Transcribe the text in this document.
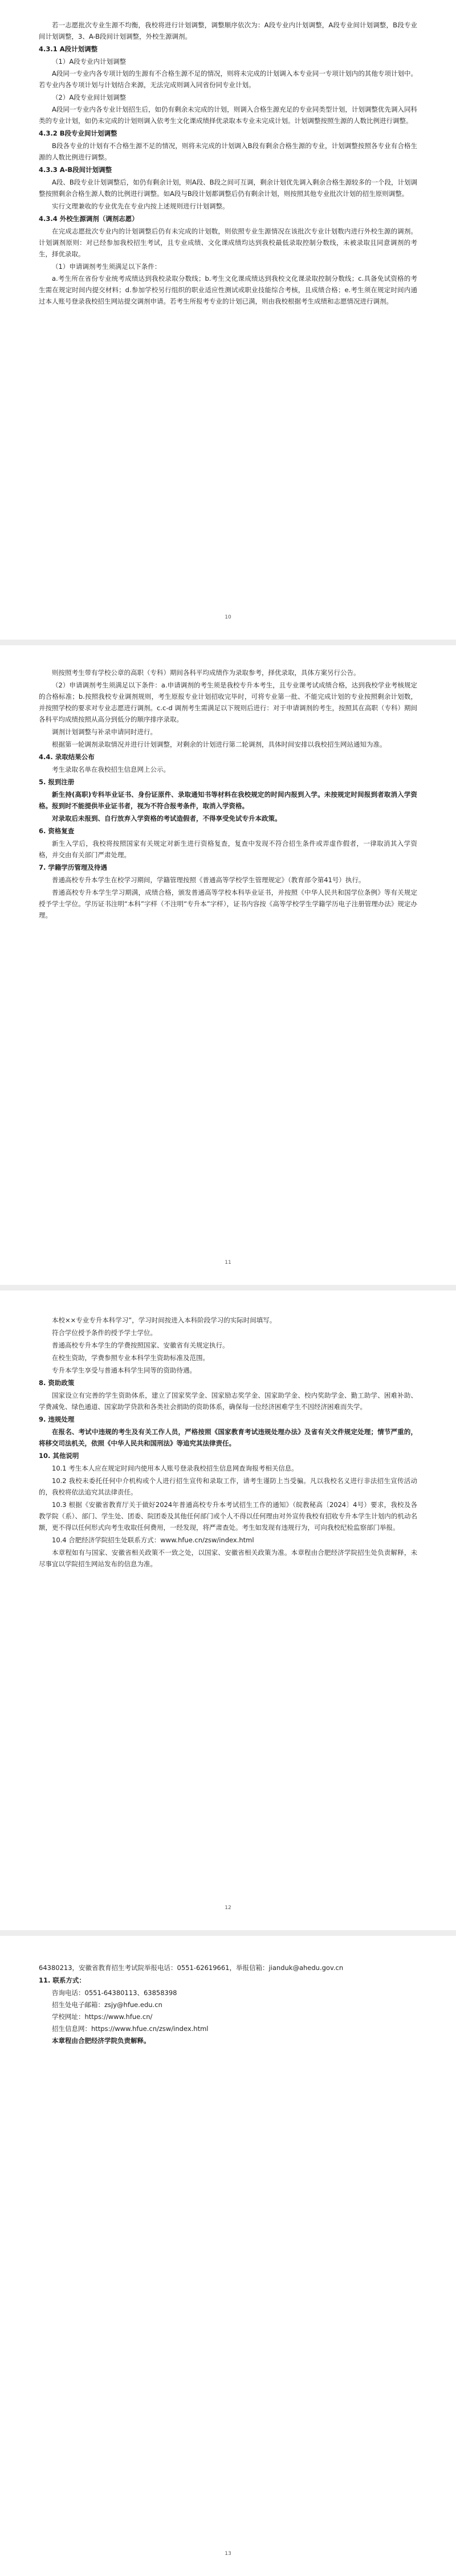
若一志愿批次专业生源不均衡，我校将进行计划调整，调整顺序依次为：A段专业内计划调整，A段专业间计划调整，B段专业间计划调整，3、A-B段间计划调整，外校生源调剂。

4.3.1 A段计划调整

（1）A段专业内计划调整

A段同一专业内各专项计划的生源有不合格生源不足的情况，则将未完成的计划调入本专业同一专项计划内的其他专项计划中。若专业内各专项计划与计划结合来源，无法完成则调入同省份同专业计划。

（2）A段专业间计划调整

A段同一专业内各专业计划招生后，如仍有剩余未完成的计划，则调入合格生源充足的专业同类型计划，计划调整优先调入同科类的专业计划，如仍未完成的计划则调入依考生文化课成绩择优录取本专业未完成计划。计划调整按照生源的人数比例进行调整。

4.3.2 B段专业间计划调整

B段各专业的计划有不合格生源不足的情况，则将未完成的计划调入B段有剩余合格生源的专业，计划调整按照各专业有合格生源的人数比例进行调整。

4.3.3 A-B段间计划调整

A段、B段专业计划调整后，如仍有剩余计划，则A段、B段之间可互调，剩余计划优先调入剩余合格生源较多的一个段，计划调整按照剩余合格生源人数的比例进行调整。如A段与B段计划都调整后仍有剩余计划，则按照其他专业批次计划的招生原则调整。

实行文理兼收的专业优先在专业内按上述规则进行计划调整。

4.3.4 外校生源调剂（调剂志愿）

在完成志愿批次专业内的计划调整后仍有未完成的计划数，则依照专业生源情况在该批次专业计划数内进行外校生源的调剂。计划调剂原则：对已经参加我校招生考试，且专业成绩、文化课成绩均达到我校最低录取控制分数线，未被录取且同意调剂的考生，择优录取。

（1）申请调剂考生须满足以下条件：

a.考生所在省份专业统考成绩达到我校录取分数线；b.考生文化课成绩达到我校文化课录取控制分数线；c.具备免试资格的考生需在规定时间内提交材料；d.参加学校另行组织的职业适应性测试或职业技能综合考核，且成绩合格；e.考生须在规定时间内通过本人账号登录我校招生网站提交调剂申请。若考生所报考专业的计划已满，则由我校根据考生成绩和志愿情况进行调剂。

10

则按照考生带有学校公章的高职（专科）期间各科平均成绩作为录取参考，择优录取，具体方案另行公告。

（2）申请调剂考生须满足以下条件：a.申请调剂的考生须是我校专升本考生，且专业课考试成绩合格，达到我校学业考核规定的合格标准；b.按照我校专业调剂规则，考生原报专业计划招收完毕时，可将专业第一批、不能完成计划的专业按照剩余计划数，并按照学校的要求对专业志愿进行调剂。c.c-d 调剂考生需满足以下规则后进行：对于申请调剂的考生，按照其在高职（专科）期间各科平均成绩按照从高分到低分的顺序排序录取。

调剂计划调整与补录申请同时进行。

根据第一轮调剂录取情况并进行计划调整，对剩余的计划进行第二轮调剂，具体时间安排以我校招生网站通知为准。

4.4. 录取结果公布

考生录取名单在我校招生信息网上公示。

5. 报到注册

新生持(高职)专科毕业证书、身份证原件、录取通知书等材料在我校规定的时间内报到入学。未按规定时间报到者取消入学资格。报到时不能提供毕业证书者，视为不符合报考条件，取消入学资格。

对录取后未报到、自行放弃入学资格的考试造假者，不得享受免试专升本政策。

6. 资格复查

新生入学后，我校将按照国家有关规定对新生进行资格复查，复查中发现不符合招生条件或弄虚作假者，一律取消其入学资格，并交由有关部门严肃处理。

7. 学籍学历管理及待遇

普通高校专升本学生在校学习期间，学籍管理按照《普通高等学校学生管理规定》（教育部令第41号）执行。

普通高校专升本学生学习期满，成绩合格，颁发普通高等学校本科毕业证书，并按照《中华人民共和国学位条例》等有关规定授予学士学位。学历证书注明“本科”字样（不注明“专升本”字样），证书内容按《高等学校学生学籍学历电子注册管理办法》规定办理。

11

本校××专业专升本科学习”，学习时间按进入本科阶段学习的实际时间填写。

符合学位授予条件的授予学士学位。

普通高校专升本学生的学费按照国家、安徽省有关规定执行。

在校生资助，学费参照专业本科学生资助标准及范围。

专升本学生享受与普通本科学生同等的资助待遇。

8. 资助政策

国家设立有完善的学生资助体系，建立了国家奖学金、国家励志奖学金、国家助学金、校内奖助学金、勤工助学、困难补助、学费减免、绿色通道、国家助学贷款和各类社会捐助的资助体系，确保每一位经济困难学生不因经济困难而失学。

9. 违规处理

在报名、考试中违规的考生及有关工作人员，严格按照《国家教育考试违规处理办法》及省有关文件规定处理；情节严重的，将移交司法机关，依照《中华人民共和国刑法》等追究其法律责任。

10. 其他说明

10.1 考生本人应在规定时间内使用本人账号登录我校招生信息网查询报考相关信息。

10.2 我校未委托任何中介机构或个人进行招生宣传和录取工作，请考生谨防上当受骗。凡以我校名义进行非法招生宣传活动的，我校将依法追究其法律责任。

10.3 根据《安徽省教育厅关于做好2024年普通高校专升本考试招生工作的通知》（皖教秘高〔2024〕4号）要求，我校及各教学院（系）、部门、学生处、团委、院团委及其他任何部门或个人不得以任何理由对外宣传我校有招收专升本学生计划内的机动名额，更不得以任何形式向考生收取任何费用，一经发现，将严肃查处。考生如发现有违规行为，可向我校纪检监察部门举报。

10.4 合肥经济学院招生处联系方式：www.hfue.cn/zsw/index.html

本章程如有与国家、安徽省相关政策不一致之处，以国家、安徽省相关政策为准。本章程由合肥经济学院招生处负责解释，未尽事宜以学院招生网站发布的信息为准。

12

64380213，安徽省教育招生考试院举报电话：0551-62619661，举报信箱：jianduk@ahedu.gov.cn

11. 联系方式：

咨询电话：0551-64380113、63858398

招生处电子邮箱：zsjy@hfue.edu.cn

学校网址：https://www.hfue.cn/

招生信息网：https://www.hfue.cn/zsw/index.html

本章程由合肥经济学院负责解释。

13
